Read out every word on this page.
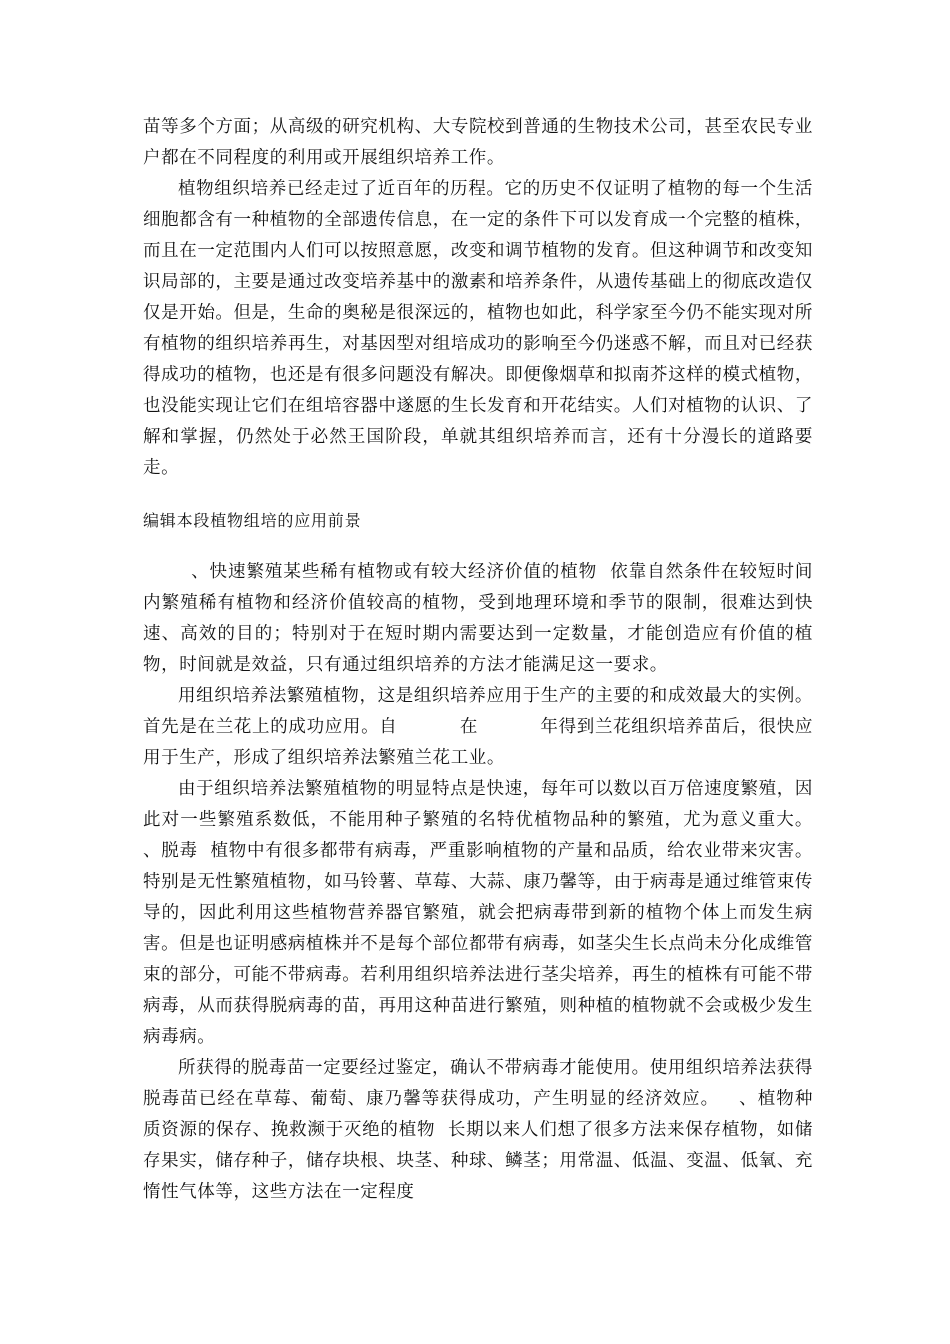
苗等多个方面；从高级的研究机构、大专院校到普通的生物技术公司，甚至农民专业户都在不同程度的利用或开展组织培养工作。

植物组织培养已经走过了近百年的历程。它的历史不仅证明了植物的每一个生活细胞都含有一种植物的全部遗传信息，在一定的条件下可以发育成一个完整的植株，而且在一定范围内人们可以按照意愿，改变和调节植物的发育。但这种调节和改变知识局部的，主要是通过改变培养基中的激素和培养条件，从遗传基础上的彻底改造仅仅是开始。但是，生命的奥秘是很深远的，植物也如此，科学家至今仍不能实现对所有植物的组织培养再生，对基因型对组培成功的影响至今仍迷惑不解，而且对已经获得成功的植物，也还是有很多问题没有解决。即便像烟草和拟南芥这样的模式植物，也没能实现让它们在组培容器中遂愿的生长发育和开花结实。人们对植物的认识、了解和掌握，仍然处于必然王国阶段，单就其组织培养而言，还有十分漫长的道路要走。

编辑本段植物组培的应用前景

、快速繁殖某些稀有植物或有较大经济价值的植物  依靠自然条件在较短时间内繁殖稀有植物和经济价值较高的植物，受到地理环境和季节的限制，很难达到快速、高效的目的；特别对于在短时期内需要达到一定数量，才能创造应有价值的植物，时间就是效益，只有通过组织培养的方法才能满足这一要求。

用组织培养法繁殖植物，这是组织培养应用于生产的主要的和成效最大的实例。首先是在兰花上的成功应用。自          在          年得到兰花组织培养苗后，很快应用于生产，形成了组织培养法繁殖兰花工业。

由于组织培养法繁殖植物的明显特点是快速，每年可以数以百万倍速度繁殖，因此对一些繁殖系数低，不能用种子繁殖的名特优植物品种的繁殖，尤为意义重大。   、脱毒  植物中有很多都带有病毒，严重影响植物的产量和品质，给农业带来灾害。特别是无性繁殖植物，如马铃薯、草莓、大蒜、康乃馨等，由于病毒是通过维管束传导的，因此利用这些植物营养器官繁殖，就会把病毒带到新的植物个体上而发生病害。但是也证明感病植株并不是每个部位都带有病毒，如茎尖生长点尚未分化成维管束的部分，可能不带病毒。若利用组织培养法进行茎尖培养，再生的植株有可能不带病毒，从而获得脱病毒的苗，再用这种苗进行繁殖，则种植的植物就不会或极少发生病毒病。

所获得的脱毒苗一定要经过鉴定，确认不带病毒才能使用。使用组织培养法获得脱毒苗已经在草莓、葡萄、康乃馨等获得成功，产生明显的经济效应。   、植物种质资源的保存、挽救濒于灭绝的植物  长期以来人们想了很多方法来保存植物，如储存果实，储存种子，储存块根、块茎、种球、鳞茎；用常温、低温、变温、低氧、充惰性气体等，这些方法在一定程度
